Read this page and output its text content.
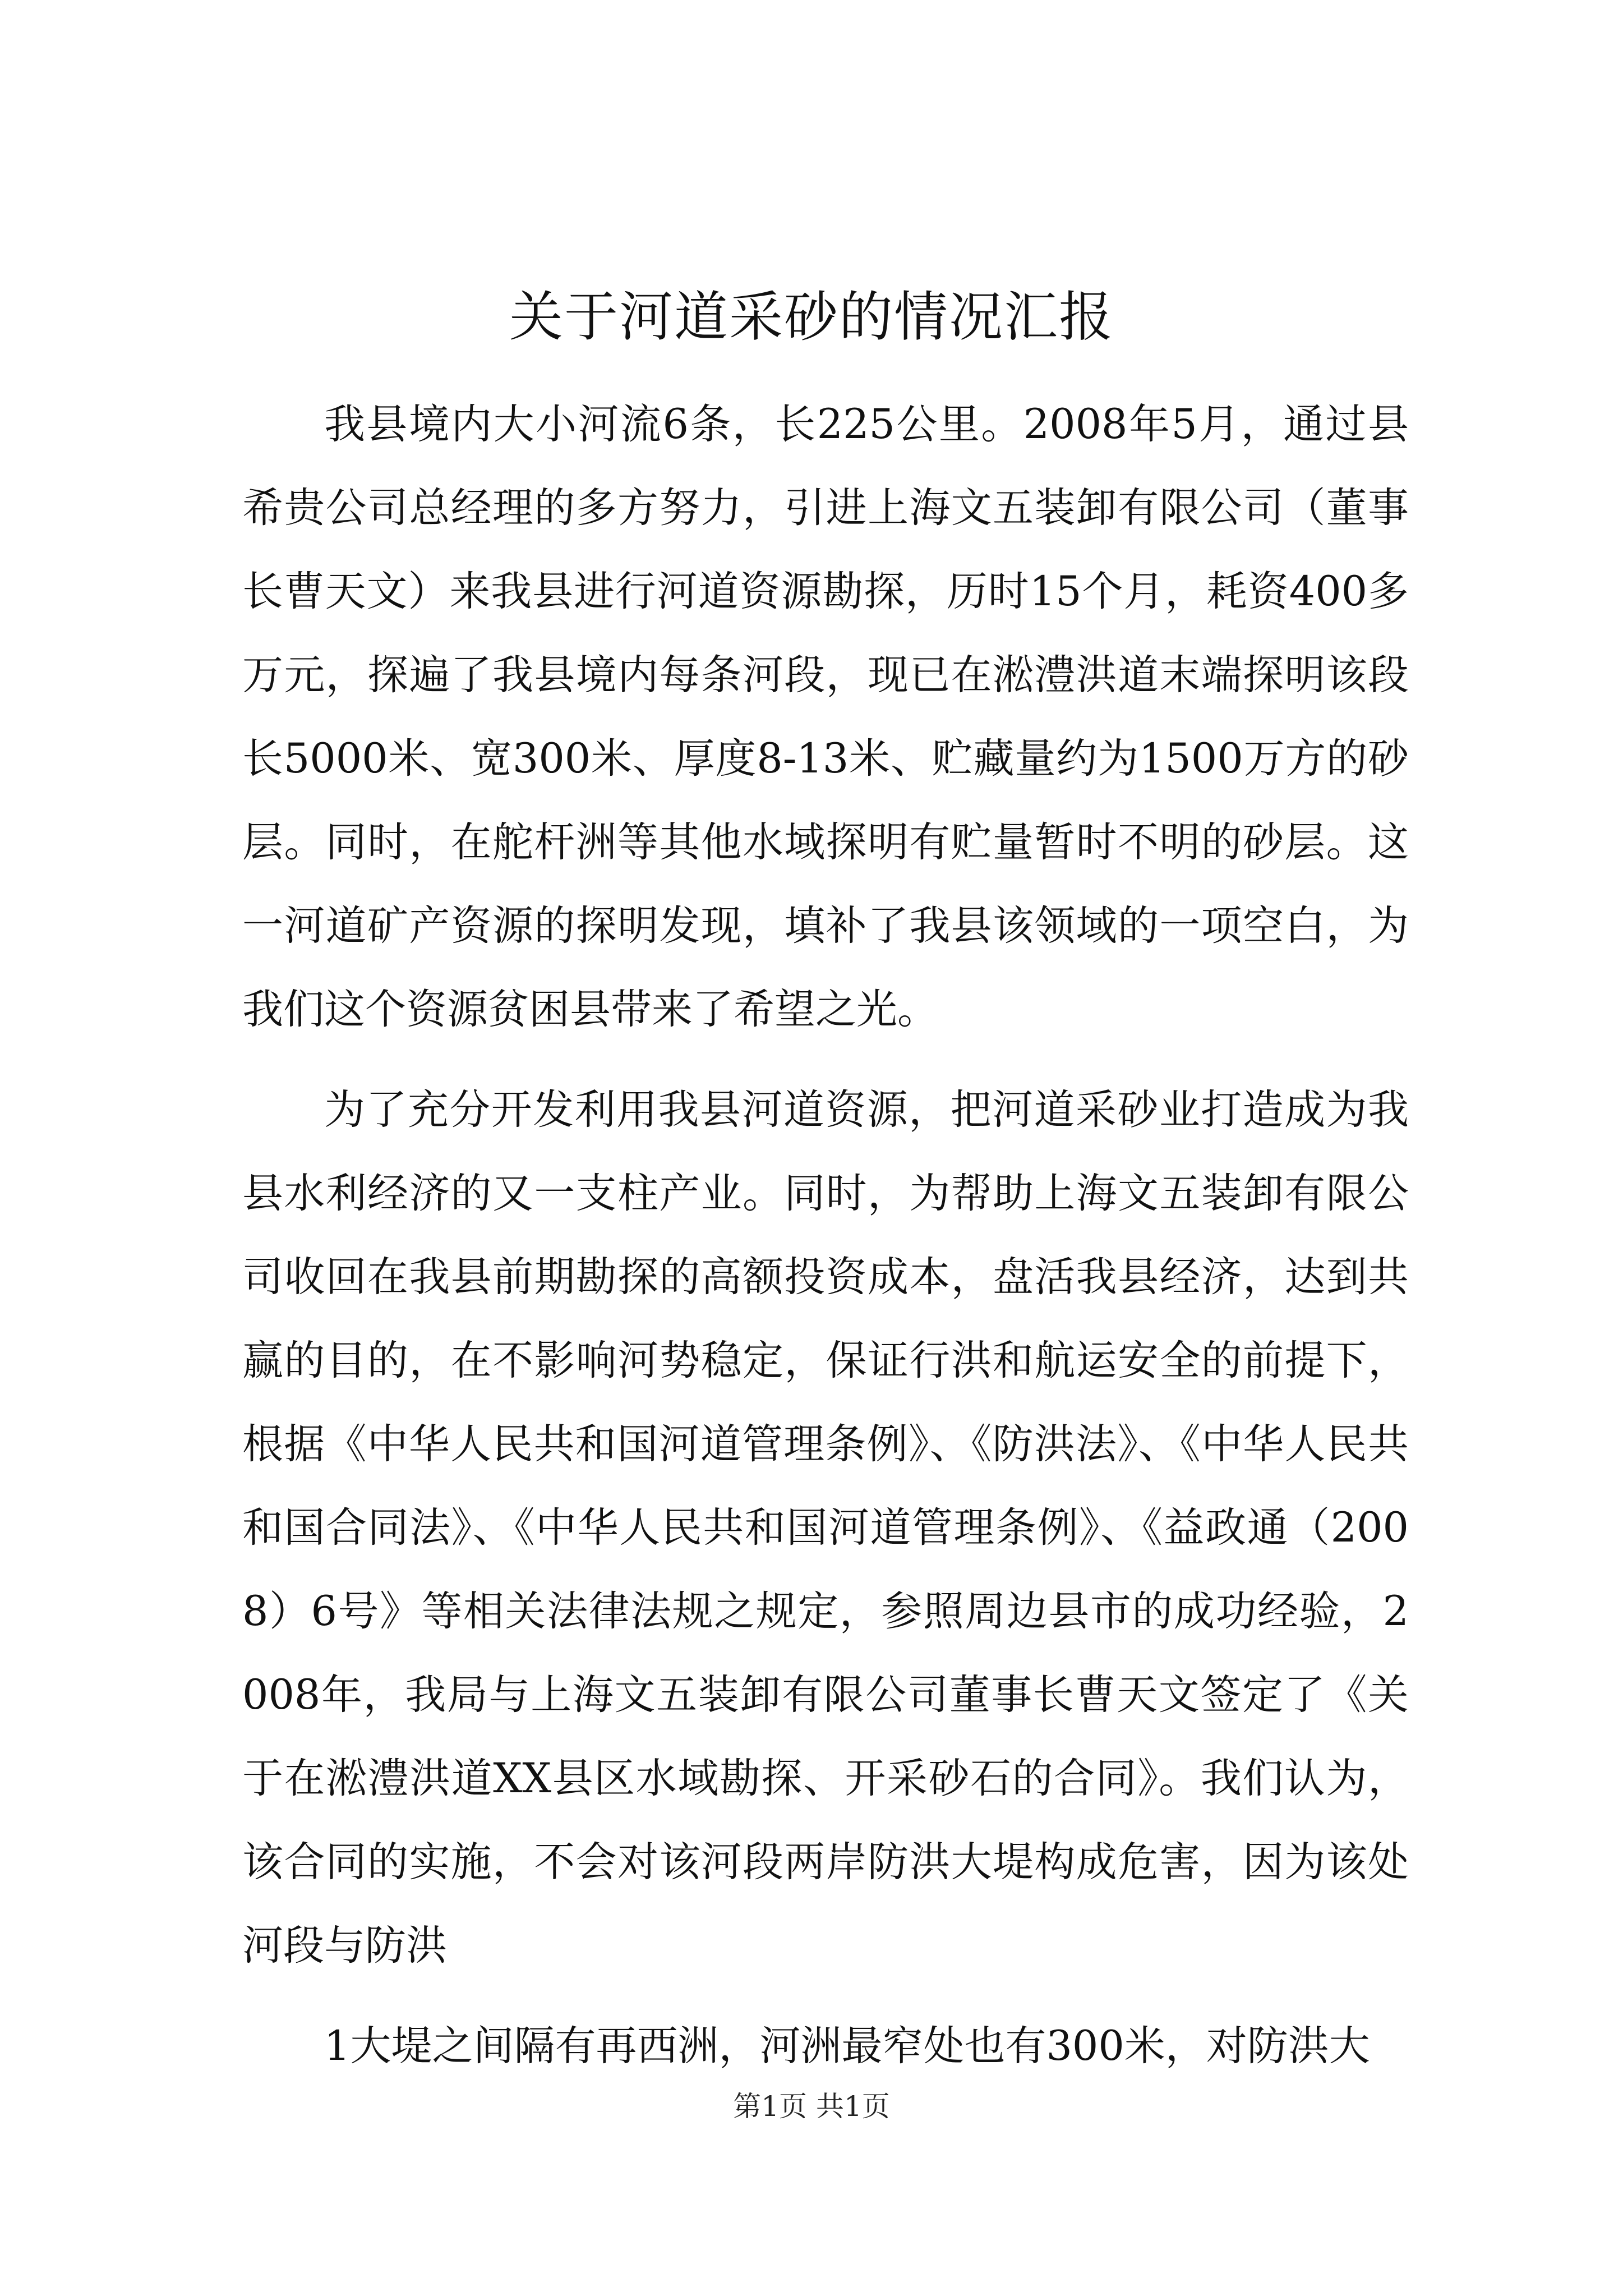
关于河道采砂的情况汇报

我县境内大小河流6条，长225公里。2008年5月，通过县希贵公司总经理的多方努力，引进上海文五装卸有限公司（董事长曹天文）来我县进行河道资源勘探，历时15个月，耗资400多万元，探遍了我县境内每条河段，现已在淞澧洪道末端探明该段长5000米、宽300米、厚度8-13米、贮藏量约为1500万方的砂层。同时，在舵杆洲等其他水域探明有贮量暂时不明的砂层。这一河道矿产资源的探明发现，填补了我县该领域的一项空白，为我们这个资源贫困县带来了希望之光。

为了充分开发利用我县河道资源，把河道采砂业打造成为我县水利经济的又一支柱产业。同时，为帮助上海文五装卸有限公司收回在我县前期勘探的高额投资成本，盘活我县经济，达到共赢的目的，在不影响河势稳定，保证行洪和航运安全的前提下，根据《中华人民共和国河道管理条例》、《防洪法》、《中华人民共和国合同法》、《中华人民共和国河道管理条例》、《益政通（2008）6号》等相关法律法规之规定，参照周边县市的成功经验，2008年，我局与上海文五装卸有限公司董事长曹天文签定了《关于在淞澧洪道XX县区水域勘探、开采砂石的合同》。我们认为，该合同的实施，不会对该河段两岸防洪大堤构成危害，因为该处河段与防洪

1大堤之间隔有再西洲，河洲最窄处也有300米，对防洪大

第1页 共1页
